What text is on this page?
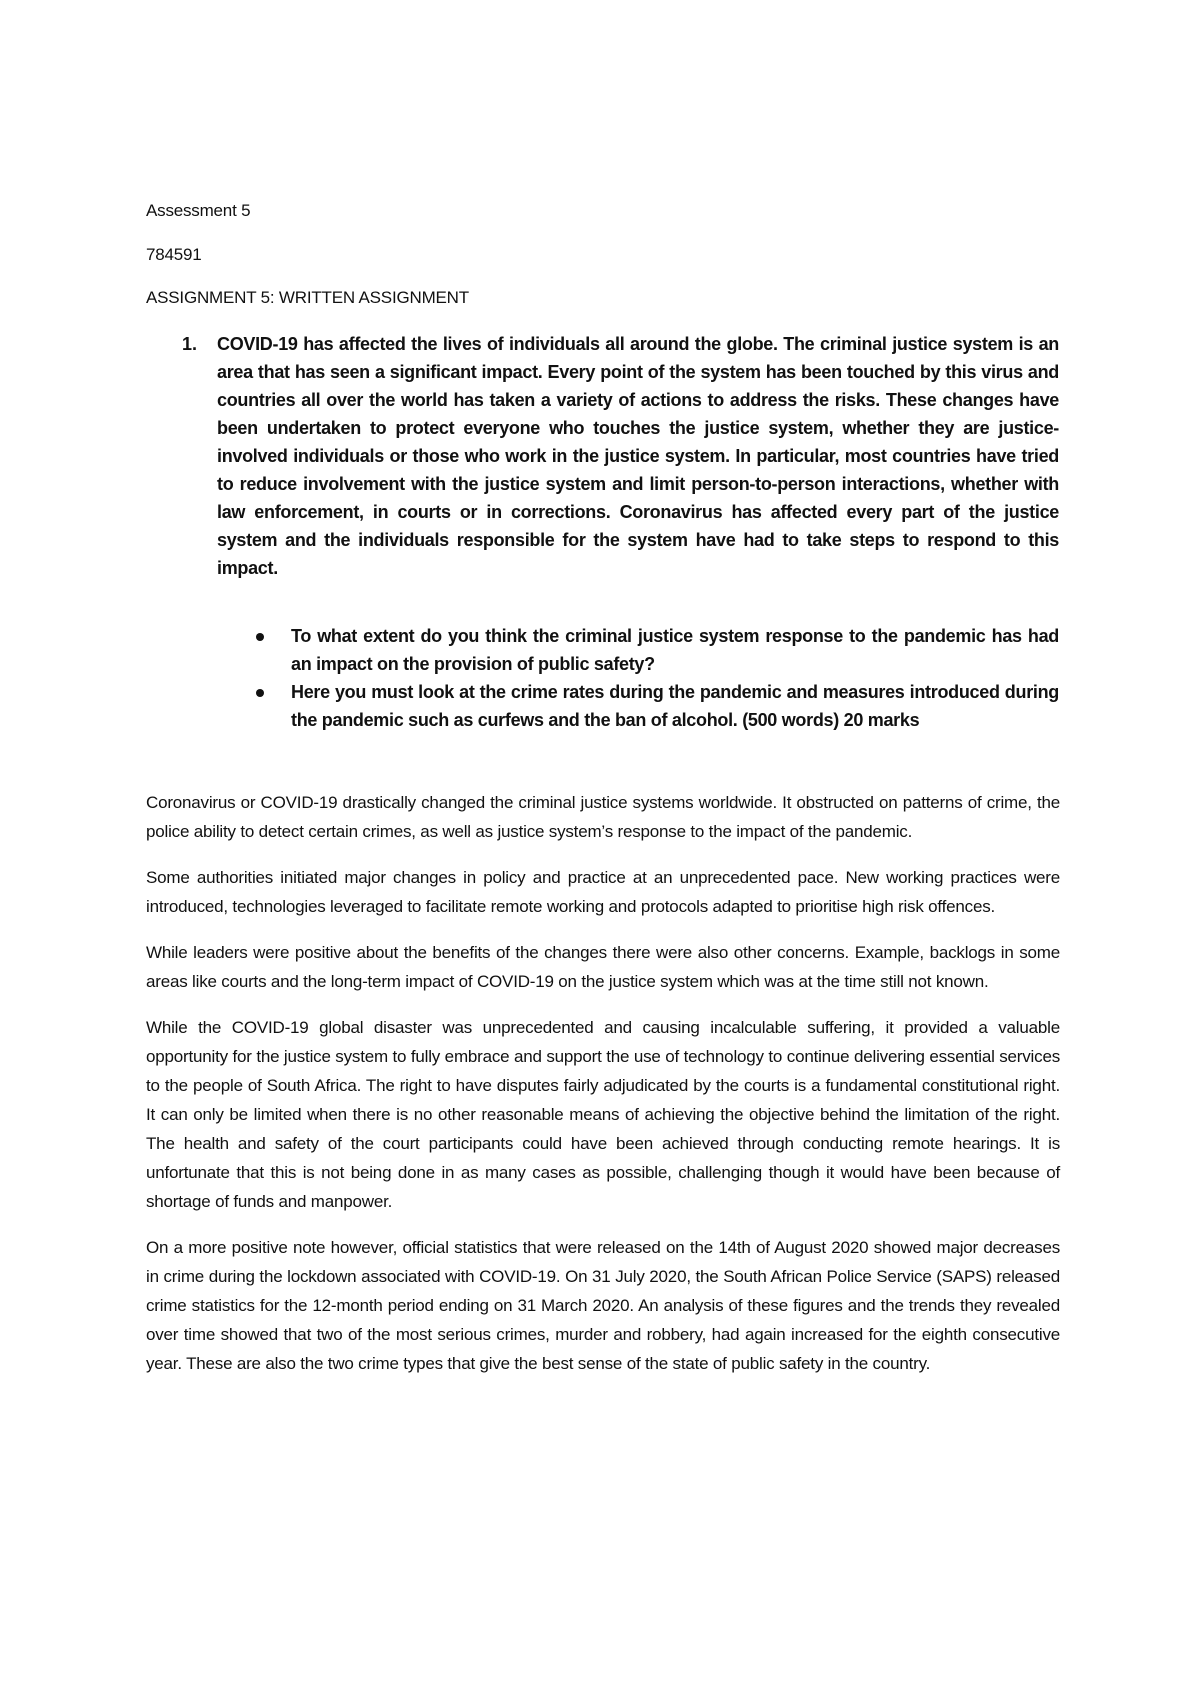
Assessment 5
784591
ASSIGNMENT 5: WRITTEN ASSIGNMENT
1. COVID-19 has affected the lives of individuals all around the globe. The criminal justice system is an area that has seen a significant impact. Every point of the system has been touched by this virus and countries all over the world has taken a variety of actions to address the risks. These changes have been undertaken to protect everyone who touches the justice system, whether they are justice-involved individuals or those who work in the justice system. In particular, most countries have tried to reduce involvement with the justice system and limit person-to-person interactions, whether with law enforcement, in courts or in corrections. Coronavirus has affected every part of the justice system and the individuals responsible for the system have had to take steps to respond to this impact.
To what extent do you think the criminal justice system response to the pandemic has had an impact on the provision of public safety?
Here you must look at the crime rates during the pandemic and measures introduced during the pandemic such as curfews and the ban of alcohol. (500 words) 20 marks

Coronavirus or COVID-19 drastically changed the criminal justice systems worldwide. It obstructed on patterns of crime, the police ability to detect certain crimes, as well as justice system’s response to the impact of the pandemic.

Some authorities initiated major changes in policy and practice at an unprecedented pace. New working practices were introduced, technologies leveraged to facilitate remote working and protocols adapted to prioritise high risk offences.

While leaders were positive about the benefits of the changes there were also other concerns. Example, backlogs in some areas like courts and the long-term impact of COVID-19 on the justice system which was at the time still not known.

While the COVID-19 global disaster was unprecedented and causing incalculable suffering, it provided a valuable opportunity for the justice system to fully embrace and support the use of technology to continue delivering essential services to the people of South Africa. The right to have disputes fairly adjudicated by the courts is a fundamental constitutional right. It can only be limited when there is no other reasonable means of achieving the objective behind the limitation of the right. The health and safety of the court participants could have been achieved through conducting remote hearings. It is unfortunate that this is not being done in as many cases as possible, challenging though it would have been because of shortage of funds and manpower.

On a more positive note however, official statistics that were released on the 14th of August 2020 showed major decreases in crime during the lockdown associated with COVID-19. On 31 July 2020, the South African Police Service (SAPS) released crime statistics for the 12-month period ending on 31 March 2020. An analysis of these figures and the trends they revealed over time showed that two of the most serious crimes, murder and robbery, had again increased for the eighth consecutive year. These are also the two crime types that give the best sense of the state of public safety in the country.
